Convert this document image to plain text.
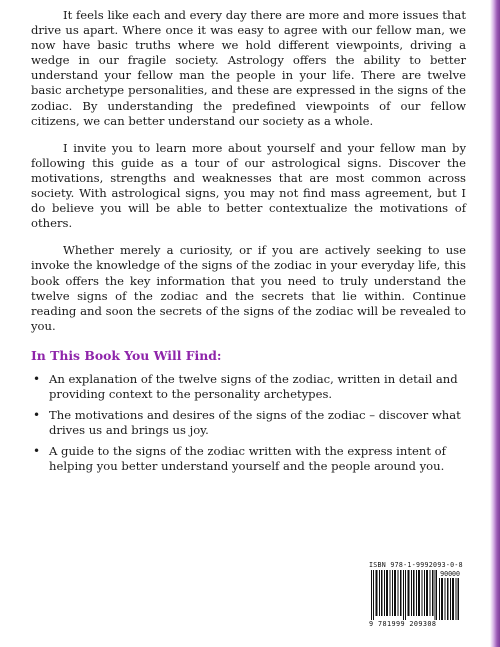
It feels like each and every day there are more and more issues that drive us apart. Where once it was easy to agree with our fellow man, we now have basic truths where we hold different viewpoints, driving a wedge in our fragile society. Astrology offers the ability to better understand your fellow man the people in your life. There are twelve basic archetype personalities, and these are expressed in the signs of the zodiac. By understanding the predefined viewpoints of our fellow citizens, we can better understand our society as a whole.

I invite you to learn more about yourself and your fellow man by following this guide as a tour of our astrological signs. Discover the motivations, strengths and weaknesses that are most common across society. With astrological signs, you may not find mass agreement, but I do believe you will be able to better contextualize the motivations of others.

Whether merely a curiosity, or if you are actively seeking to use invoke the knowledge of the signs of the zodiac in your everyday life, this book offers the key information that you need to truly understand the twelve signs of the zodiac and the secrets that lie within. Continue reading and soon the secrets of the signs of the zodiac will be revealed to you.

In This Book You Will Find:
• An explanation of the twelve signs of the zodiac, written in detail and providing context to the personality archetypes.
• The motivations and desires of the signs of the zodiac – discover what drives us and brings us joy.
• A guide to the signs of the zodiac written with the express intent of helping you better understand yourself and the people around you.
ISBN 978-1-9992093-0-8
90000
9 781999 209308
